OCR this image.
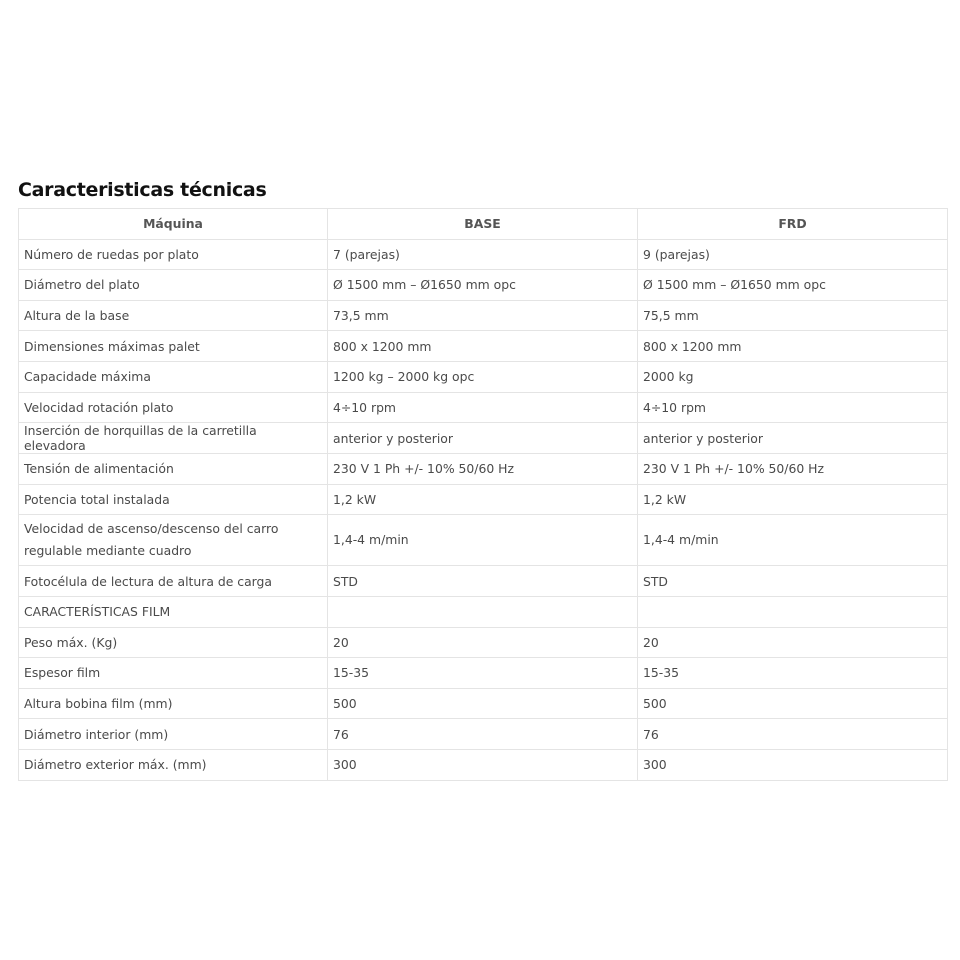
Caracteristicas técnicas
Máquina	BASE	FRD
Número de ruedas por plato	7 (parejas)	9 (parejas)
Diámetro del plato	Ø 1500 mm – Ø1650 mm opc	Ø 1500 mm – Ø1650 mm opc
Altura de la base	73,5 mm	75,5 mm
Dimensiones máximas palet	800 x 1200 mm	800 x 1200 mm
Capacidade máxima	1200 kg – 2000 kg opc	2000 kg
Velocidad rotación plato	4÷10 rpm	4÷10 rpm
Inserción de horquillas de la carretilla elevadora	anterior y posterior	anterior y posterior
Tensión de alimentación	230 V 1 Ph +/- 10% 50/60 Hz	230 V 1 Ph +/- 10% 50/60 Hz
Potencia total instalada	1,2 kW	1,2 kW
Velocidad de ascenso/descenso del carro regulable mediante cuadro	1,4-4 m/min	1,4-4 m/min
Fotocélula de lectura de altura de carga	STD	STD
CARACTERÍSTICAS FILM		
Peso máx. (Kg)	20	20
Espesor film	15-35	15-35
Altura bobina film (mm)	500	500
Diámetro interior (mm)	76	76
Diámetro exterior máx. (mm)	300	300
